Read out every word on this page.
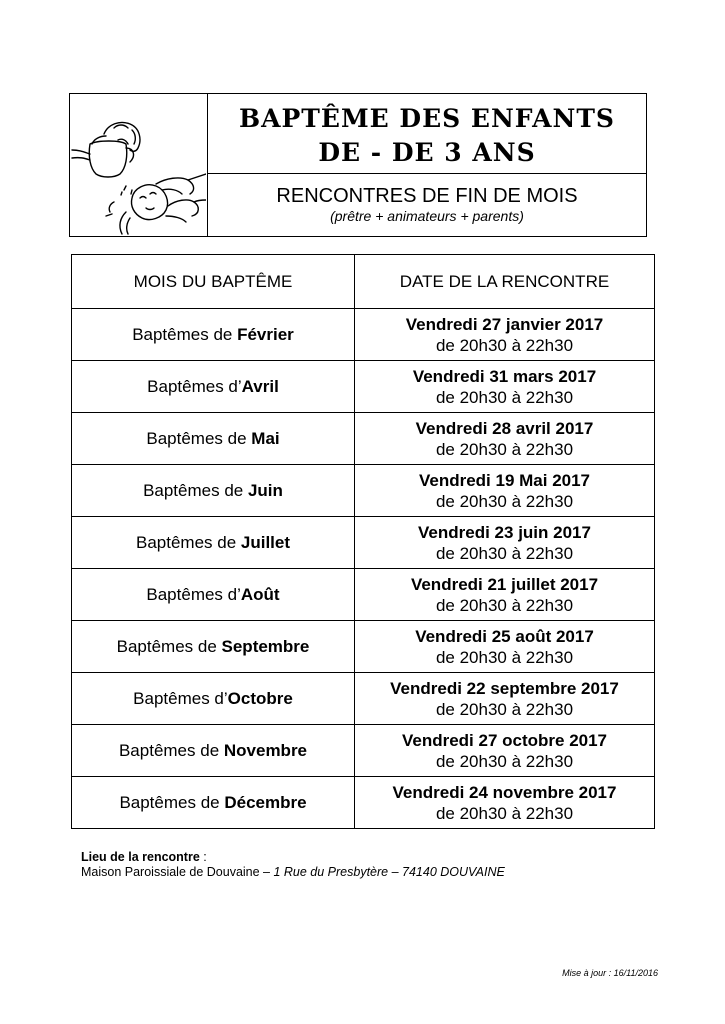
BAPTÊME DES ENFANTS
DE - DE 3 ANS
RENCONTRES DE FIN DE MOIS
(prêtre + animateurs + parents)
MOIS DU BAPTÊME	DATE DE LA RENCONTRE
Baptêmes de Février	Vendredi 27 janvier 2017
de 20h30 à 22h30

Baptêmes d’Avril	Vendredi 31 mars 2017
de 20h30 à 22h30

Baptêmes de Mai	Vendredi 28 avril 2017
de 20h30 à 22h30

Baptêmes de Juin	Vendredi 19 Mai 2017
de 20h30 à 22h30

Baptêmes de Juillet	Vendredi 23 juin 2017
de 20h30 à 22h30

Baptêmes d’Août	Vendredi 21 juillet 2017
de 20h30 à 22h30

Baptêmes de Septembre	Vendredi 25 août 2017
de 20h30 à 22h30

Baptêmes d’Octobre	Vendredi 22 septembre 2017
de 20h30 à 22h30

Baptêmes de Novembre	Vendredi 27 octobre 2017
de 20h30 à 22h30

Baptêmes de Décembre	Vendredi 24 novembre 2017
de 20h30 à 22h30
Lieu de la rencontre :
Maison Paroissiale de Douvaine – 1 Rue du Presbytère – 74140 DOUVAINE
Mise à jour : 16/11/2016
